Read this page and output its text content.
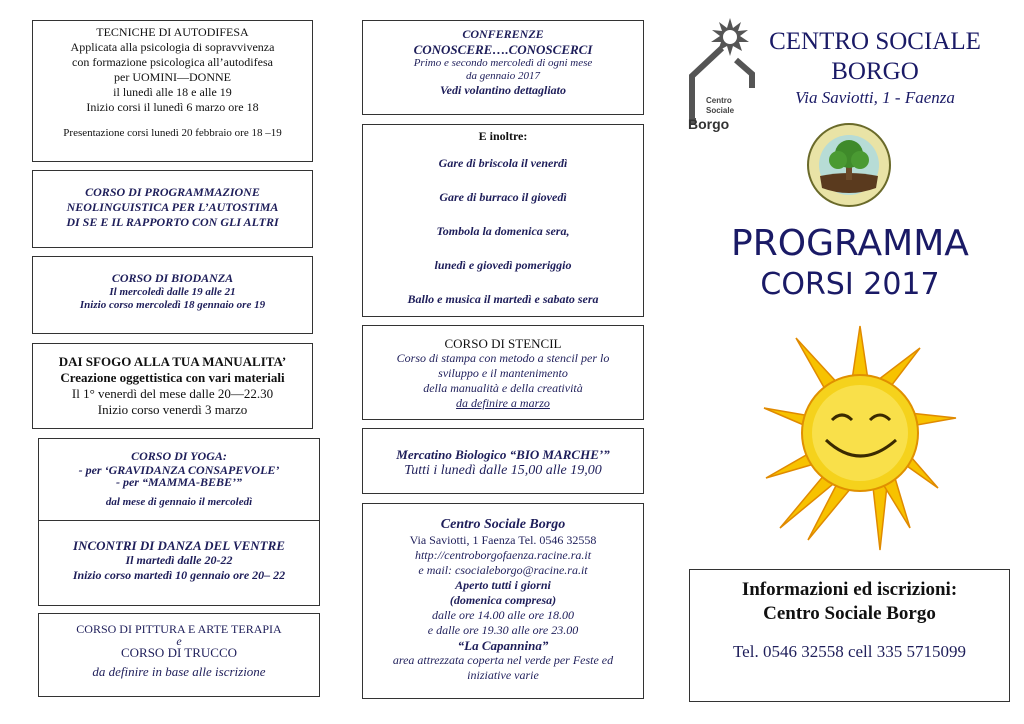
TECNICHE DI AUTODIFESA
Applicata alla psicologia di sopravvivenza
con formazione psicologica all’autodifesa
per UOMINI—DONNE
il lunedì alle 18 e alle 19
Inizio corsi il lunedì 6 marzo ore 18
Presentazione corsi lunedì 20 febbraio ore 18 –19
CORSO DI PROGRAMMAZIONE
NEOLINGUISTICA PER L’AUTOSTIMA
DI SE E IL RAPPORTO CON GLI ALTRI
CORSO DI BIODANZA
Il mercoledì dalle 19 alle 21
Inizio corso mercoledì 18 gennaio ore 19
DAI SFOGO ALLA TUA MANUALITA’
Creazione oggettistica con vari materiali
Il 1° venerdì del mese dalle 20—22.30
Inizio corso venerdì 3 marzo
CORSO DI YOGA:
- per ‘GRAVIDANZA CONSAPEVOLE’
- per “MAMMA-BEBE’”
dal mese di gennaio il mercoledì
INCONTRI DI DANZA DEL VENTRE
Il martedì dalle 20-22
Inizio corso martedì 10 gennaio ore 20– 22
CORSO DI PITTURA E ARTE TERAPIA
e
CORSO DI TRUCCO
da definire in base alle iscrizione
CONFERENZE
CONOSCERE….CONOSCERCI
Primo e secondo mercoledì di ogni mese
da gennaio 2017
Vedi volantino dettagliato
E inoltre:
Gare di briscola il venerdì
Gare di burraco il giovedì
Tombola la domenica sera,
lunedì e giovedì pomeriggio
Ballo e musica il martedì e sabato sera
CORSO DI STENCIL
Corso di stampa con metodo a stencil per lo
sviluppo e il mantenimento
della manualità e della creatività
da definire a marzo
Mercatino Biologico “BIO MARCHE’”
Tutti i lunedì dalle 15,00 alle 19,00
Centro Sociale Borgo
Via Saviotti, 1 Faenza Tel. 0546 32558
http://centroborgofaenza.racine.ra.it
e mail: csocialeborgo@racine.ra.it
Aperto tutti i giorni
(domenica compresa)
dalle ore 14.00 alle ore 18.00
e dalle ore 19.30 alle ore 23.00
“La Capannina”
area attrezzata coperta nel verde per Feste ed
iniziative varie
Centro
Sociale
Borgo
CENTRO SOCIALE
BORGO
Via Saviotti, 1 - Faenza
PROGRAMMA
CORSI 2017
Informazioni ed iscrizioni:
Centro Sociale Borgo
Tel. 0546 32558 cell 335 5715099
